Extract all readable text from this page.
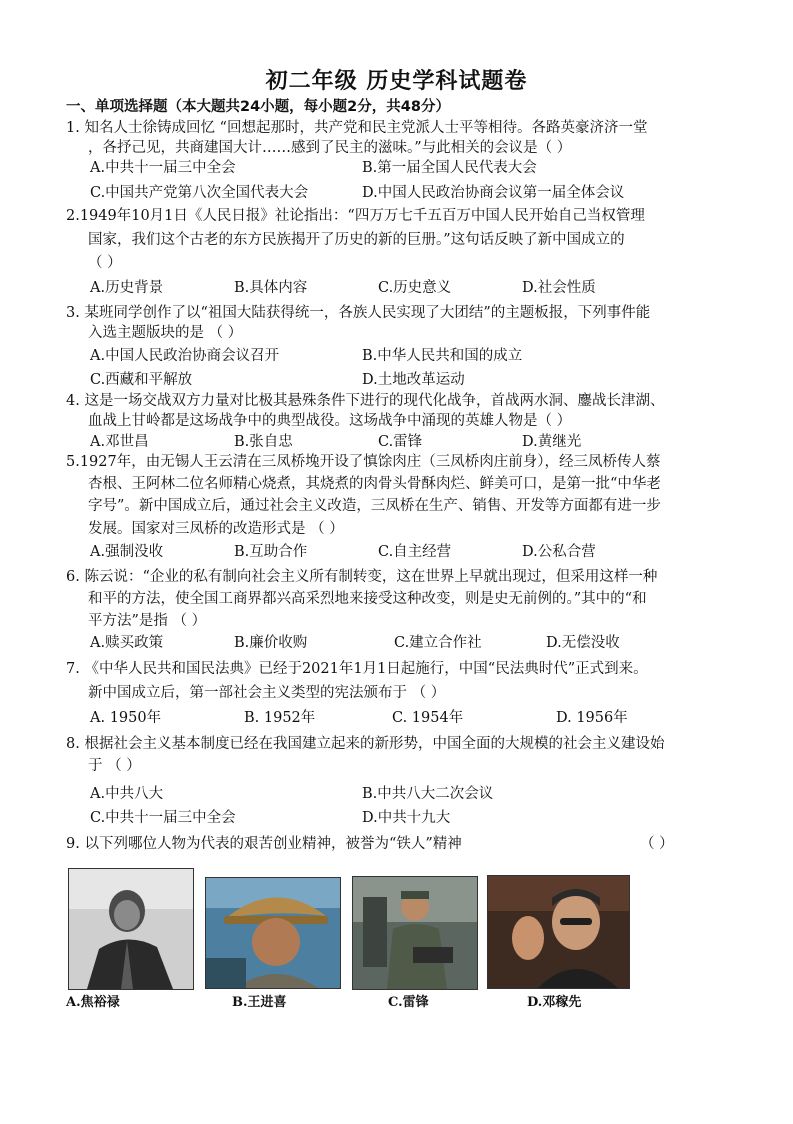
初二年级 历史学科试题卷
一、单项选择题（本大题共24小题，每小题2分，共48分）
1. 知名人士徐铸成回忆 “回想起那时，共产党和民主党派人士平等相待。各路英豪济济一堂
，各抒己见，共商建国大计……感到了民主的滋味。”与此相关的会议是（ ）
A.中共十一届三中全会	B.第一届全国人民代表大会
C.中国共产党第八次全国代表大会	D.中国人民政治协商会议第一届全体会议
2.1949年10月1日《人民日报》社论指出：“四万万七千五百万中国人民开始自己当权管理
国家，我们这个古老的东方民族揭开了历史的新的巨册。”这句话反映了新中国成立的
（ ）
A.历史背景	B.具体内容	C.历史意义	D.社会性质
3. 某班同学创作了以“祖国大陆获得统一，各族人民实现了大团结”的主题板报，下列事件能
入选主题版块的是 （ ）
A.中国人民政治协商会议召开	B.中华人民共和国的成立
C.西藏和平解放	D.土地改革运动
4. 这是一场交战双方力量对比极其悬殊条件下进行的现代化战争，首战两水洞、鏖战长津湖、
血战上甘岭都是这场战争中的典型战役。这场战争中涌现的英雄人物是（ ）
A.邓世昌	B.张自忠	C.雷锋	D.黄继光
5.1927年，由无锡人王云清在三凤桥堍开设了慎馀肉庄（三凤桥肉庄前身），经三凤桥传人蔡
杏根、王阿林二位名师精心烧煮，其烧煮的肉骨头骨酥肉烂、鲜美可口，是第一批“中华老
字号”。新中国成立后，通过社会主义改造，三凤桥在生产、销售、开发等方面都有进一步
发展。国家对三凤桥的改造形式是 （ ）
A.强制没收	B.互助合作	C.自主经营	D.公私合营
6. 陈云说：“企业的私有制向社会主义所有制转变，这在世界上早就出现过，但采用这样一种
和平的方法，使全国工商界都兴高采烈地来接受这种改变，则是史无前例的。”其中的“和
平方法”是指 （ ）
A.赎买政策	B.廉价收购	C.建立合作社	D.无偿没收
7. 《中华人民共和国民法典》已经于2021年1月1日起施行，中国“民法典时代”正式到来。
新中国成立后，第一部社会主义类型的宪法颁布于 （ ）
A. 1950年	B. 1952年	C. 1954年	D. 1956年
8. 根据社会主义基本制度已经在我国建立起来的新形势，中国全面的大规模的社会主义建设始
于 （ ）
A.中共八大	B.中共八大二次会议
C.中共十一届三中全会	D.中共十九大
9. 以下列哪位人物为代表的艰苦创业精神，被誉为“铁人”精神	（ ）
A.焦裕禄	B.王进喜	C.雷锋	D.邓稼先
